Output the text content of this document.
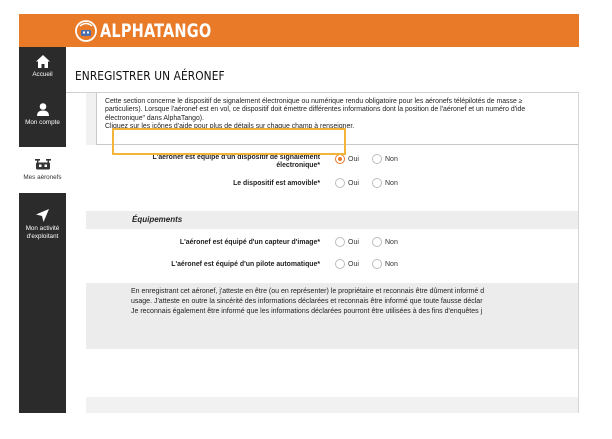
ALPHATANGO
Accueil
Mon compte
Mes aéronefs
Mon activité d'exploitant
ENREGISTRER UN AÉRONEF

Cette section concerne le dispositif de signalement électronique ou numérique rendu obligatoire pour les aéronefs télépilotés de masse ≥

particuliers). Lorsque l'aéronef est en vol, ce dispositif doit émettre différentes informations dont la position de l'aéronef et un numéro d'ide

électronique" dans AlphaTango).

Cliquez sur les icônes d'aide pour plus de détails sur chaque champ à renseigner.

L'aéronef est équipé d'un dispositif de signalement
électronique*
Oui	Non
Le dispositif est amovible*	Oui	Non
Équipements
L'aéronef est équipé d'un capteur d'image*	Oui	Non
L'aéronef est équipé d'un pilote automatique*	Oui	Non

En enregistrant cet aéronef, j'atteste en être (ou en représenter) le propriétaire et reconnais être dûment informé d

usage. J'atteste en outre la sincérité des informations déclarées et reconnais être informé que toute fausse déclar

Je reconnais également être informé que les informations déclarées pourront être utilisées à des fins d'enquêtes j
